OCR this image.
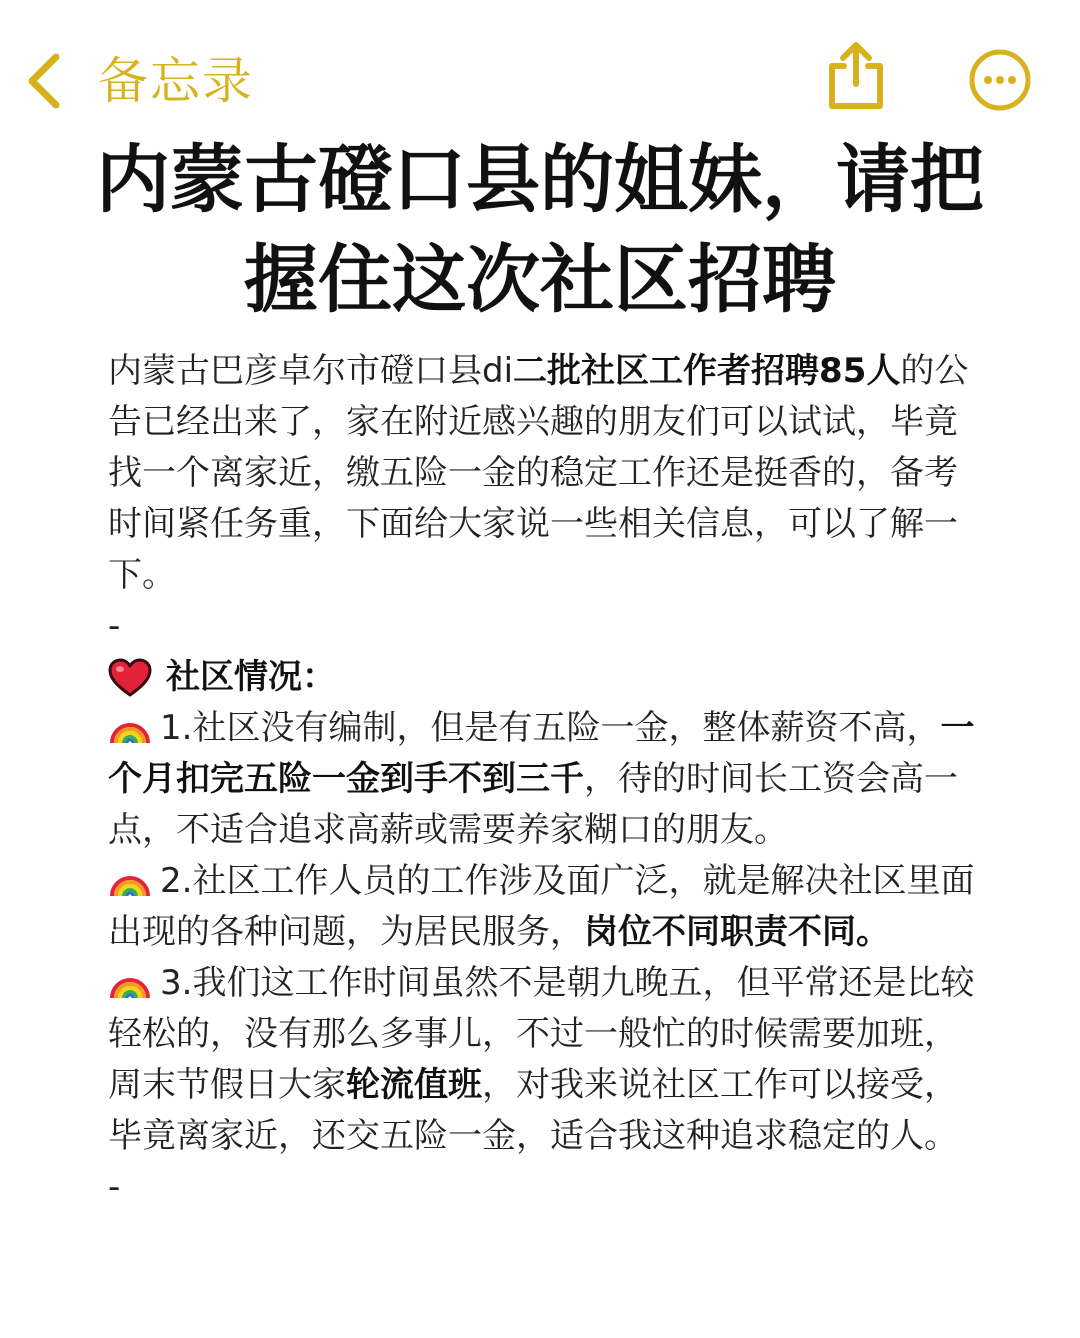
备忘录
内蒙古磴口县的姐妹，请把
握住这次社区招聘

内蒙古巴彦卓尔市磴口县di二批社区工作者招聘85人的公告已经出来了，家在附近感兴趣的朋友们可以试试，毕竟找一个离家近，缴五险一金的稳定工作还是挺香的，备考时间紧任务重，下面给大家说一些相关信息，可以了解一下。

-

社区情况：

1.社区没有编制，但是有五险一金，整体薪资不高，一个月扣完五险一金到手不到三千，待的时间长工资会高一点，不适合追求高薪或需要养家糊口的朋友。

2.社区工作人员的工作涉及面广泛，就是解决社区里面出现的各种问题，为居民服务，岗位不同职责不同。

3.我们这工作时间虽然不是朝九晚五，但平常还是比较轻松的，没有那么多事儿，不过一般忙的时候需要加班，周末节假日大家轮流值班，对我来说社区工作可以接受，毕竟离家近，还交五险一金，适合我这种追求稳定的人。

-
